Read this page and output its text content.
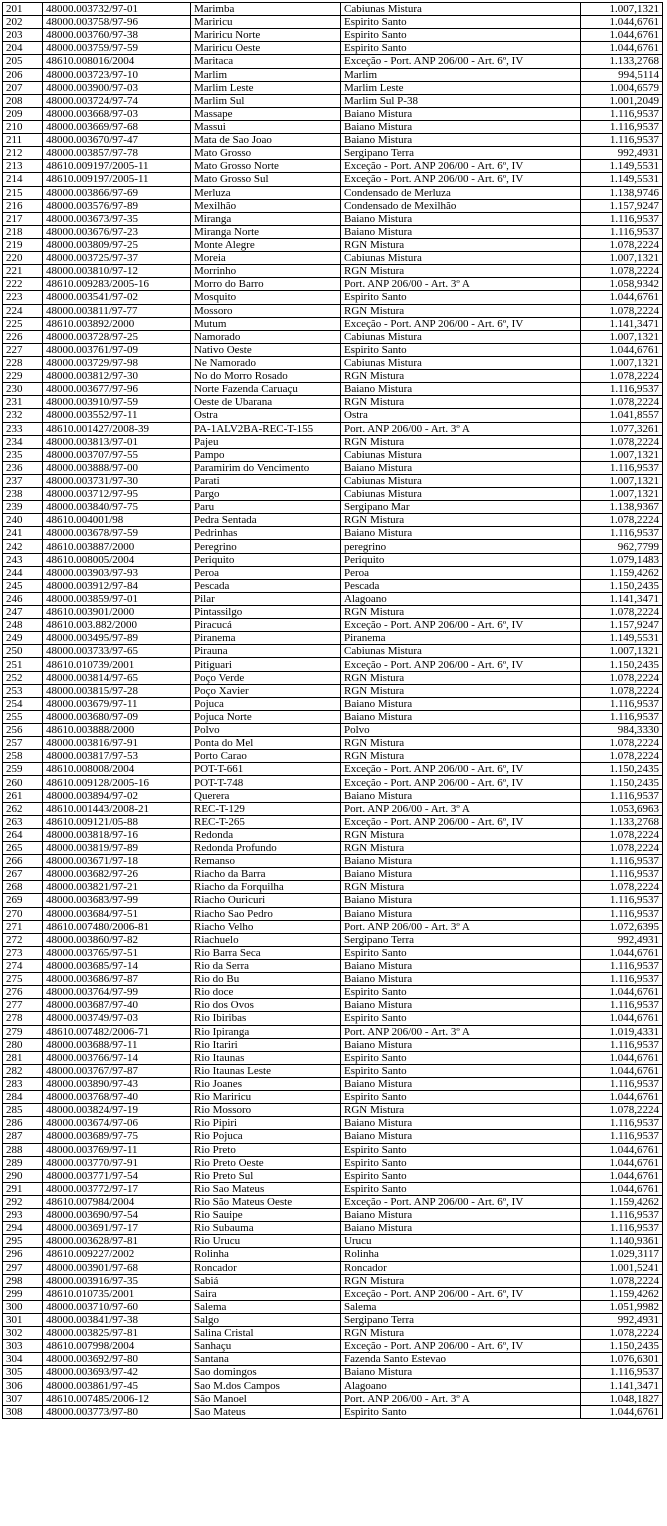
201	48000.003732/97-01	Marimba	Cabiunas Mistura	1.007,1321
202	48000.003758/97-96	Mariricu	Espirito Santo	1.044,6761
203	48000.003760/97-38	Mariricu Norte	Espirito Santo	1.044,6761
204	48000.003759/97-59	Mariricu Oeste	Espirito Santo	1.044,6761
205	48610.008016/2004	Maritaca	Exceção - Port. ANP 206/00 - Art. 6º, IV	1.133,2768
206	48000.003723/97-10	Marlim	Marlim	994,5114
207	48000.003900/97-03	Marlim Leste	Marlim Leste	1.004,6579
208	48000.003724/97-74	Marlim Sul	Marlim Sul P-38	1.001,2049
209	48000.003668/97-03	Massape	Baiano Mistura	1.116,9537
210	48000.003669/97-68	Massui	Baiano Mistura	1.116,9537
211	48000.003670/97-47	Mata de Sao Joao	Baiano Mistura	1.116,9537
212	48000.003857/97-78	Mato Grosso	Sergipano Terra	992,4931
213	48610.009197/2005-11	Mato Grosso Norte	Exceção - Port. ANP 206/00 - Art. 6º, IV	1.149,5531
214	48610.009197/2005-11	Mato Grosso Sul	Exceção - Port. ANP 206/00 - Art. 6º, IV	1.149,5531
215	48000.003866/97-69	Merluza	Condensado de Merluza	1.138,9746
216	48000.003576/97-89	Mexilhão	Condensado de Mexilhão	1.157,9247
217	48000.003673/97-35	Miranga	Baiano Mistura	1.116,9537
218	48000.003676/97-23	Miranga Norte	Baiano Mistura	1.116,9537
219	48000.003809/97-25	Monte Alegre	RGN Mistura	1.078,2224
220	48000.003725/97-37	Moreia	Cabiunas Mistura	1.007,1321
221	48000.003810/97-12	Morrinho	RGN Mistura	1.078,2224
222	48610.009283/2005-16	Morro do Barro	Port. ANP 206/00 - Art. 3º A	1.058,9342
223	48000.003541/97-02	Mosquito	Espirito Santo	1.044,6761
224	48000.003811/97-77	Mossoro	RGN Mistura	1.078,2224
225	48610.003892/2000	Mutum	Exceção - Port. ANP 206/00 - Art. 6º, IV	1.141,3471
226	48000.003728/97-25	Namorado	Cabiunas Mistura	1.007,1321
227	48000.003761/97-09	Nativo Oeste	Espirito Santo	1.044,6761
228	48000.003729/97-98	Ne Namorado	Cabiunas Mistura	1.007,1321
229	48000.003812/97-30	No do Morro Rosado	RGN Mistura	1.078,2224
230	48000.003677/97-96	Norte Fazenda Caruaçu	Baiano Mistura	1.116,9537
231	48000.003910/97-59	Oeste de Ubarana	RGN Mistura	1.078,2224
232	48000.003552/97-11	Ostra	Ostra	1.041,8557
233	48610.001427/2008-39	PA-1ALV2BA-REC-T-155	Port. ANP 206/00 - Art. 3º A	1.077,3261
234	48000.003813/97-01	Pajeu	RGN Mistura	1.078,2224
235	48000.003707/97-55	Pampo	Cabiunas Mistura	1.007,1321
236	48000.003888/97-00	Paramirim do Vencimento	Baiano Mistura	1.116,9537
237	48000.003731/97-30	Parati	Cabiunas Mistura	1.007,1321
238	48000.003712/97-95	Pargo	Cabiunas Mistura	1.007,1321
239	48000.003840/97-75	Paru	Sergipano Mar	1.138,9367
240	48610.004001/98	Pedra Sentada	RGN Mistura	1.078,2224
241	48000.003678/97-59	Pedrinhas	Baiano Mistura	1.116,9537
242	48610.003887/2000	Peregrino	peregrino	962,7799
243	48610.008005/2004	Periquito	Periquito	1.079,1483
244	48000.003903/97-93	Peroa	Peroa	1.159,4262
245	48000.003912/97-84	Pescada	Pescada	1.150,2435
246	48000.003859/97-01	Pilar	Alagoano	1.141,3471
247	48610.003901/2000	Pintassilgo	RGN Mistura	1.078,2224
248	48610.003.882/2000	Piracucá	Exceção - Port. ANP 206/00 - Art. 6º, IV	1.157,9247
249	48000.003495/97-89	Piranema	Piranema	1.149,5531
250	48000.003733/97-65	Pirauna	Cabiunas Mistura	1.007,1321
251	48610.010739/2001	Pitiguari	Exceção - Port. ANP 206/00 - Art. 6º, IV	1.150,2435
252	48000.003814/97-65	Poço Verde	RGN Mistura	1.078,2224
253	48000.003815/97-28	Poço Xavier	RGN Mistura	1.078,2224
254	48000.003679/97-11	Pojuca	Baiano Mistura	1.116,9537
255	48000.003680/97-09	Pojuca Norte	Baiano Mistura	1.116,9537
256	48610.003888/2000	Polvo	Polvo	984,3330
257	48000.003816/97-91	Ponta do Mel	RGN Mistura	1.078,2224
258	48000.003817/97-53	Porto Carao	RGN Mistura	1.078,2224
259	48610.008008/2004	POT-T-661	Exceção - Port. ANP 206/00 - Art. 6º, IV	1.150,2435
260	48610.009128/2005-16	POT-T-748	Exceção - Port. ANP 206/00 - Art. 6º, IV	1.150,2435
261	48000.003894/97-02	Querera	Baiano Mistura	1.116,9537
262	48610.001443/2008-21	REC-T-129	Port. ANP 206/00 - Art. 3º A	1.053,6963
263	48610.009121/05-88	REC-T-265	Exceção - Port. ANP 206/00 - Art. 6º, IV	1.133,2768
264	48000.003818/97-16	Redonda	RGN Mistura	1.078,2224
265	48000.003819/97-89	Redonda Profundo	RGN Mistura	1.078,2224
266	48000.003671/97-18	Remanso	Baiano Mistura	1.116,9537
267	48000.003682/97-26	Riacho da Barra	Baiano Mistura	1.116,9537
268	48000.003821/97-21	Riacho da Forquilha	RGN Mistura	1.078,2224
269	48000.003683/97-99	Riacho Ouricuri	Baiano Mistura	1.116,9537
270	48000.003684/97-51	Riacho Sao Pedro	Baiano Mistura	1.116,9537
271	48610.007480/2006-81	Riacho Velho	Port. ANP 206/00 - Art. 3º A	1.072,6395
272	48000.003860/97-82	Riachuelo	Sergipano Terra	992,4931
273	48000.003765/97-51	Rio Barra Seca	Espirito Santo	1.044,6761
274	48000.003685/97-14	Rio da Serra	Baiano Mistura	1.116,9537
275	48000.003686/97-87	Rio do Bu	Baiano Mistura	1.116,9537
276	48000.003764/97-99	Rio doce	Espirito Santo	1.044,6761
277	48000.003687/97-40	Rio dos Ovos	Baiano Mistura	1.116,9537
278	48000.003749/97-03	Rio Ibiribas	Espirito Santo	1.044,6761
279	48610.007482/2006-71	Rio Ipiranga	Port. ANP 206/00 - Art. 3º A	1.019,4331
280	48000.003688/97-11	Rio Itariri	Baiano Mistura	1.116,9537
281	48000.003766/97-14	Rio Itaunas	Espirito Santo	1.044,6761
282	48000.003767/97-87	Rio Itaunas Leste	Espirito Santo	1.044,6761
283	48000.003890/97-43	Rio Joanes	Baiano Mistura	1.116,9537
284	48000.003768/97-40	Rio Mariricu	Espirito Santo	1.044,6761
285	48000.003824/97-19	Rio Mossoro	RGN Mistura	1.078,2224
286	48000.003674/97-06	Rio Pipiri	Baiano Mistura	1.116,9537
287	48000.003689/97-75	Rio Pojuca	Baiano Mistura	1.116,9537
288	48000.003769/97-11	Rio Preto	Espirito Santo	1.044,6761
289	48000.003770/97-91	Rio Preto Oeste	Espirito Santo	1.044,6761
290	48000.003771/97-54	Rio Preto Sul	Espirito Santo	1.044,6761
291	48000.003772/97-17	Rio Sao Mateus	Espirito Santo	1.044,6761
292	48610.007984/2004	Rio São Mateus Oeste	Exceção - Port. ANP 206/00 - Art. 6º, IV	1.159,4262
293	48000.003690/97-54	Rio Sauipe	Baiano Mistura	1.116,9537
294	48000.003691/97-17	Rio Subauma	Baiano Mistura	1.116,9537
295	48000.003628/97-81	Rio Urucu	Urucu	1.140,9361
296	48610.009227/2002	Rolinha	Rolinha	1.029,3117
297	48000.003901/97-68	Roncador	Roncador	1.001,5241
298	48000.003916/97-35	Sabiá	RGN Mistura	1.078,2224
299	48610.010735/2001	Saira	Exceção - Port. ANP 206/00 - Art. 6º, IV	1.159,4262
300	48000.003710/97-60	Salema	Salema	1.051,9982
301	48000.003841/97-38	Salgo	Sergipano Terra	992,4931
302	48000.003825/97-81	Salina Cristal	RGN Mistura	1.078,2224
303	48610.007998/2004	Sanhaçu	Exceção - Port. ANP 206/00 - Art. 6º, IV	1.150,2435
304	48000.003692/97-80	Santana	Fazenda Santo Estevao	1.076,6301
305	48000.003693/97-42	Sao domingos	Baiano Mistura	1.116,9537
306	48000.003861/97-45	Sao M.dos Campos	Alagoano	1.141,3471
307	48610.007485/2006-12	São Manoel	Port. ANP 206/00 - Art. 3º A	1.048,1827
308	48000.003773/97-80	Sao Mateus	Espirito Santo	1.044,6761
